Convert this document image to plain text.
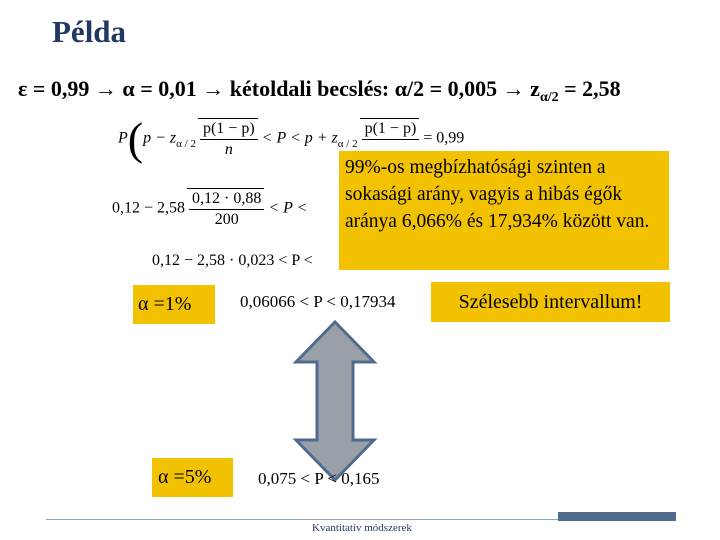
Példa
ε = 0,99 → α = 0,01 → kétoldali becslés: $\alpha/2 = 0,005 \to z_{\alpha/2} = 2,58$
$P(p - z_{\alpha / 2} \frac{p(1 - p)}{n} < P < p + z_{\alpha / 2}$
p(1 − p)

= 0,99
$0,12 - 2,58 \frac{0,12 \cdot 0,88}{200} < P$ <
0,12 − 2,58 · 0,023 < P <
99%-os megbízhatósági szinten a sokasági arány, vagyis a hibás égők aránya 6,066% és 17,934% között van.
α =1%	0,06066 < P < 0,17934	Szélesebb intervallum!
α =5%	0,075 < P < 0,165
Kvantitatív módszerek
